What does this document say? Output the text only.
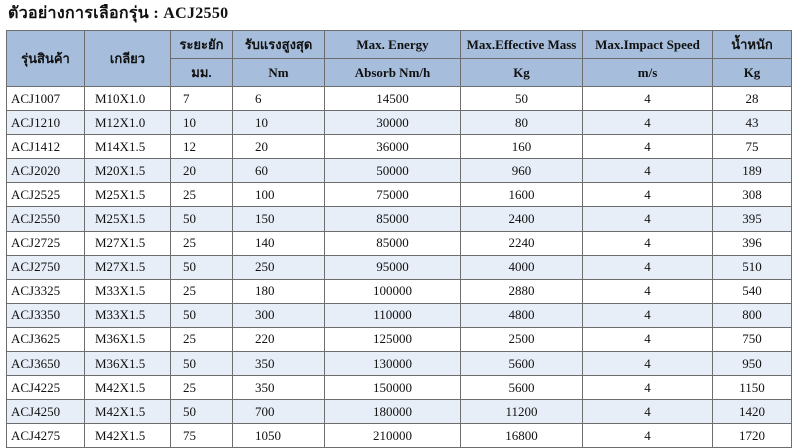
ตัวอย่างการเลือกรุ่น : ACJ2550
รุ่นสินค้า	เกลียว	ระยะยัก	รับแรงสูงสุด	Max. Energy	Max.Effective Mass	Max.Impact Speed	น้ำหนัก
		มม.	Nm	Absorb Nm/h	Kg	m/s	Kg
ACJ1007	M10X1.0	7	6	14500	50	4	28
ACJ1210	M12X1.0	10	10	30000	80	4	43
ACJ1412	M14X1.5	12	20	36000	160	4	75
ACJ2020	M20X1.5	20	60	50000	960	4	189
ACJ2525	M25X1.5	25	100	75000	1600	4	308
ACJ2550	M25X1.5	50	150	85000	2400	4	395
ACJ2725	M27X1.5	25	140	85000	2240	4	396
ACJ2750	M27X1.5	50	250	95000	4000	4	510
ACJ3325	M33X1.5	25	180	100000	2880	4	540
ACJ3350	M33X1.5	50	300	110000	4800	4	800
ACJ3625	M36X1.5	25	220	125000	2500	4	750
ACJ3650	M36X1.5	50	350	130000	5600	4	950
ACJ4225	M42X1.5	25	350	150000	5600	4	1150
ACJ4250	M42X1.5	50	700	180000	11200	4	1420
ACJ4275	M42X1.5	75	1050	210000	16800	4	1720
